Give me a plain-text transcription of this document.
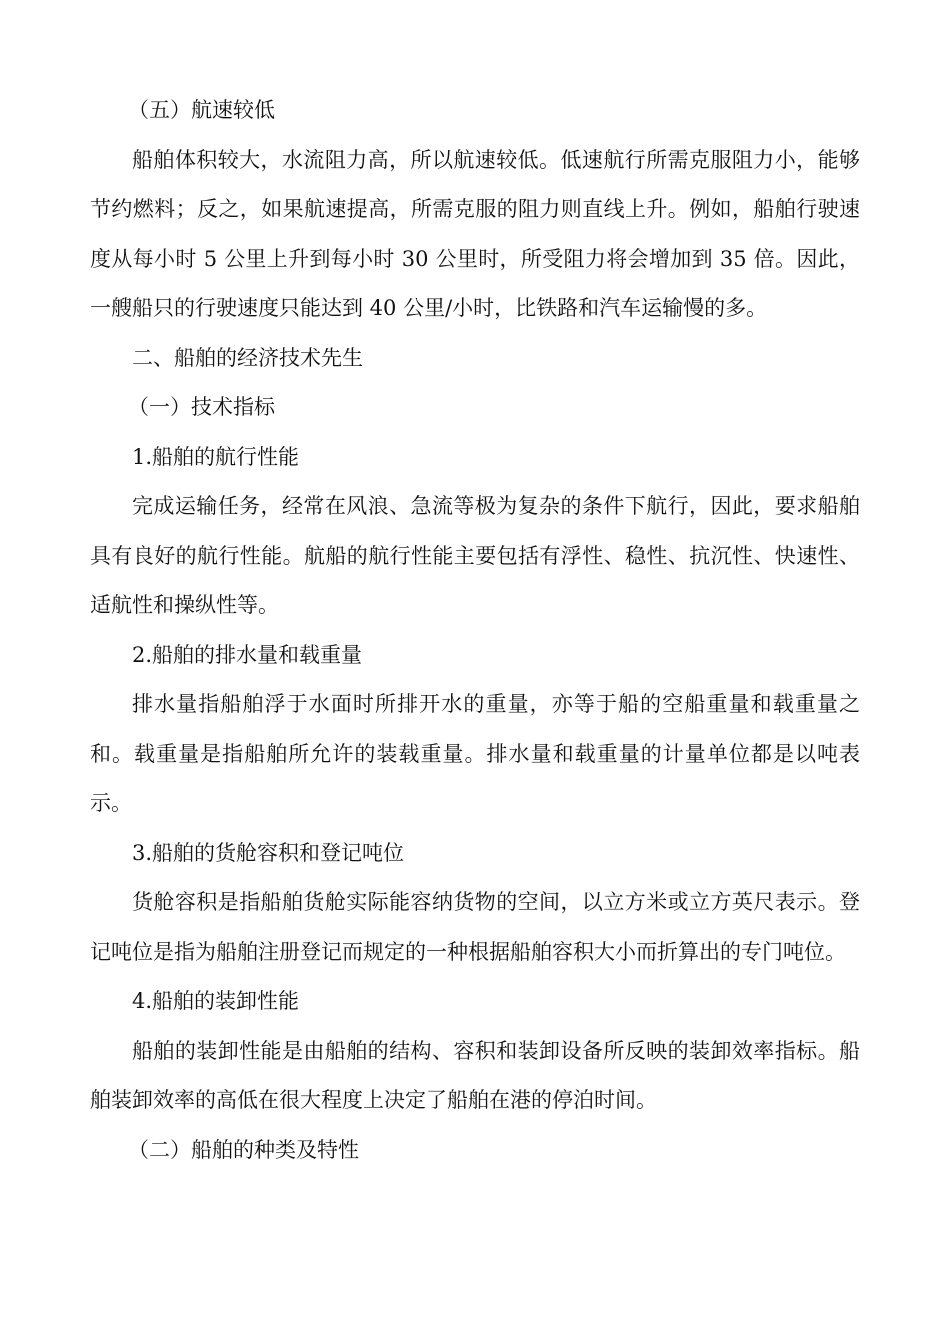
（五）航速较低

船舶体积较大，水流阻力高，所以航速较低。低速航行所需克服阻力小，能够节约燃料；反之，如果航速提高，所需克服的阻力则直线上升。例如，船舶行驶速度从每小时 5 公里上升到每小时 30 公里时，所受阻力将会增加到 35 倍。因此，一艘船只的行驶速度只能达到 40 公里/小时，比铁路和汽车运输慢的多。

二、船舶的经济技术先生

（一）技术指标

1.船舶的航行性能

完成运输任务，经常在风浪、急流等极为复杂的条件下航行，因此，要求船舶具有良好的航行性能。航船的航行性能主要包括有浮性、稳性、抗沉性、快速性、适航性和操纵性等。

2.船舶的排水量和载重量

排水量指船舶浮于水面时所排开水的重量，亦等于船的空船重量和载重量之和。载重量是指船舶所允许的装载重量。排水量和载重量的计量单位都是以吨表示。

3.船舶的货舱容积和登记吨位

货舱容积是指船舶货舱实际能容纳货物的空间，以立方米或立方英尺表示。登记吨位是指为船舶注册登记而规定的一种根据船舶容积大小而折算出的专门吨位。

4.船舶的装卸性能

船舶的装卸性能是由船舶的结构、容积和装卸设备所反映的装卸效率指标。船舶装卸效率的高低在很大程度上决定了船舶在港的停泊时间。

（二）船舶的种类及特性
